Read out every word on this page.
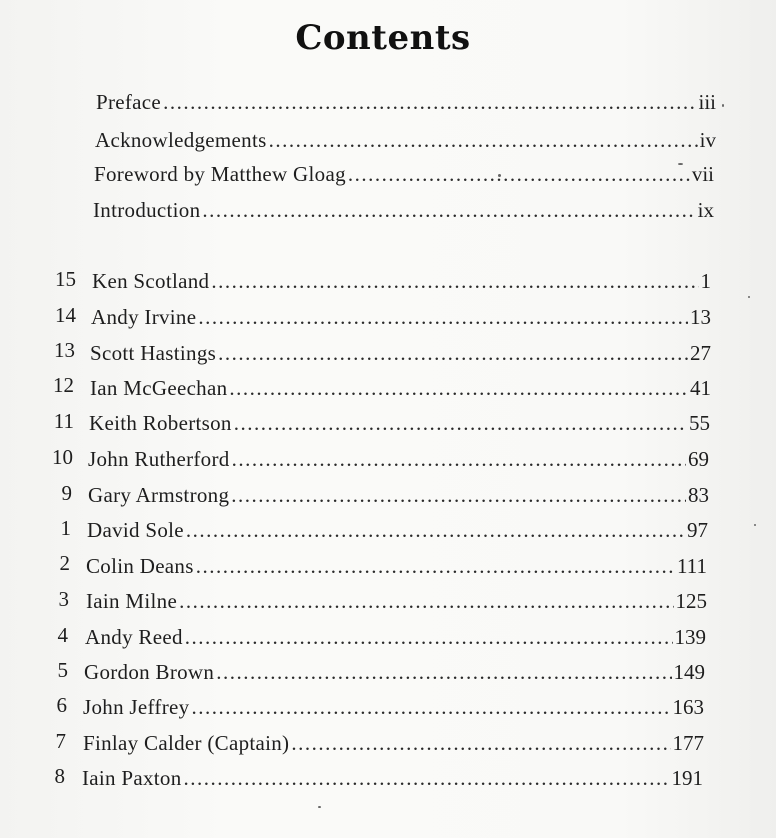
Contents
Preface .....	iii
Acknowledgements .....	iv
Foreword by Matthew Gloag .....	vii
Introduction .....	ix
15 Ken Scotland .....	1
14 Andy Irvine .....	13
13 Scott Hastings .....	27
12 Ian McGeechan .....	41
11 Keith Robertson .....	55
10 John Rutherford .....	69
9 Gary Armstrong .....	83
1 David Sole .....	97
2 Colin Deans .....	111
3 Iain Milne .....	125
4 Andy Reed .....	139
5 Gordon Brown .....	149
6 John Jeffrey .....	163
7 Finlay Calder (Captain) .....	177
8 Iain Paxton .....	191
